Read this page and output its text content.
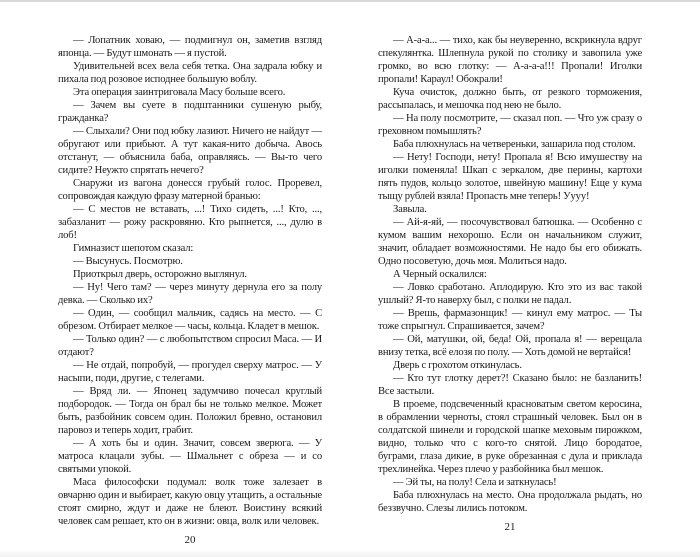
— Лопатник ховаю, — подмигнул он, заметив взгляд японца. — Будут шмонать — я пустой.

Удивительней всех вела себя тетка. Она задрала юбку и пихала под розовое исподнее большую воблу.

Эта операция заинтриговала Масу больше всего.

— Зачем вы суете в подштанники сушеную рыбу, гражданка?

— Слыхали? Они под юбку лазиют. Ничего не найдут — обругают или прибьют. А тут какая-нито добыча. Авось отстанут, — объяснила баба, оправляясь. — Вы-то чего сидите? Неужто спрятать нечего?

Снаружи из вагона донесся грубый голос. Проревел, сопровождая каждую фразу матерной бранью:

— С местов не вставать, ...! Тихо сидеть, ...! Кто, ..., забазланит — рожу раскровяню. Кто рыпнется, ..., дулю в лоб!

Гимназист шепотом сказал:

— Высунусь. Посмотрю.

Приоткрыл дверь, осторожно выглянул.

— Ну! Чего там? — через минуту дернула его за полу девка. — Сколько их?

— Один, — сообщил мальчик, садясь на место. — С обрезом. Отбирает мелкое — часы, кольца. Кладет в мешок.

— Только один? — с любопытством спросил Маса. — И отдают?

— Не отдай, попробуй, — прогудел сверху матрос. — У насыпи, поди, другие, с телегами.

— Вряд ли. — Японец задумчиво почесал круглый подбородок. — Тогда он брал бы не только мелкое. Может быть, разбойник совсем один. Положил бревно, остановил паровоз и теперь ходит, грабит.

— А хоть бы и один. Значит, совсем зверюга. — У матроса клацали зубы. — Шмальнет с обреза — и со святыми упокой.

Маса философски подумал: волк тоже залезает в овчарню один и выбирает, какую овцу утащить, а остальные стоят смирно, ждут и даже не блеют. Воистину всякий человек сам решает, кто он в жизни: овца, волк или человек.

20

— А-а-а... — тихо, как бы неуверенно, вскрикнула вдруг спекулянтка. Шлепнула рукой по столику и завопила уже громко, во всю глотку: — А-а-а-а!!! Пропали! Иголки пропали! Караул! Обокрали!

Куча очисток, должно быть, от резкого торможения, рассыпалась, и мешочка под нею не было.

— На полу посмотрите, — сказал поп. — Что уж сразу о греховном помышлять?

Баба плюхнулась на четвереньки, зашарила под столом.

— Нету! Господи, нету! Пропала я! Всю имушеству на иголки поменяла! Шкап с зеркалом, две перины, картохи пять пудов, кольцо золотое, швейную машину! Еще у кума тыщу рублей взяла! Пропасть мне теперь! Уууу!

Завыла.

— Ай-я-яй, — посочувствовал батюшка. — Особенно с кумом вашим нехорошо. Если он начальником служит, значит, обладает возможностями. Не надо бы его обижать. Одно посоветую, дочь моя. Молиться надо.

А Черный оскалился:

— Ловко сработано. Аплодирую. Кто это из вас такой ушлый? Я-то наверху был, с полки не падал.

— Врешь, фармазонщик! — кинул ему матрос. — Ты тоже спрыгнул. Спрашивается, зачем?

— Ой, матушки, ой, беда! Ой, пропала я! — верещала внизу тетка, всё елозя по полу. — Хоть домой не вертайся!

Дверь с грохотом откинулась.

— Кто тут глотку дерет?! Сказано было: не базланить! Все застыли.

В проеме, подсвеченный красноватым светом керосина, в обрамлении черноты, стоял страшный человек. Был он в солдатской шинели и городской шапке меховым пирожком, видно, только что с кого-то снятой. Лицо бородатое, буграми, глаза дикие, в руке обрезанная с дула и приклада трехлинейка. Через плечо у разбойника был мешок.

— Эй ты, на полу! Села и заткнулась!

Баба плюхнулась на место. Она продолжала рыдать, но беззвучно. Слезы лились потоком.

21
